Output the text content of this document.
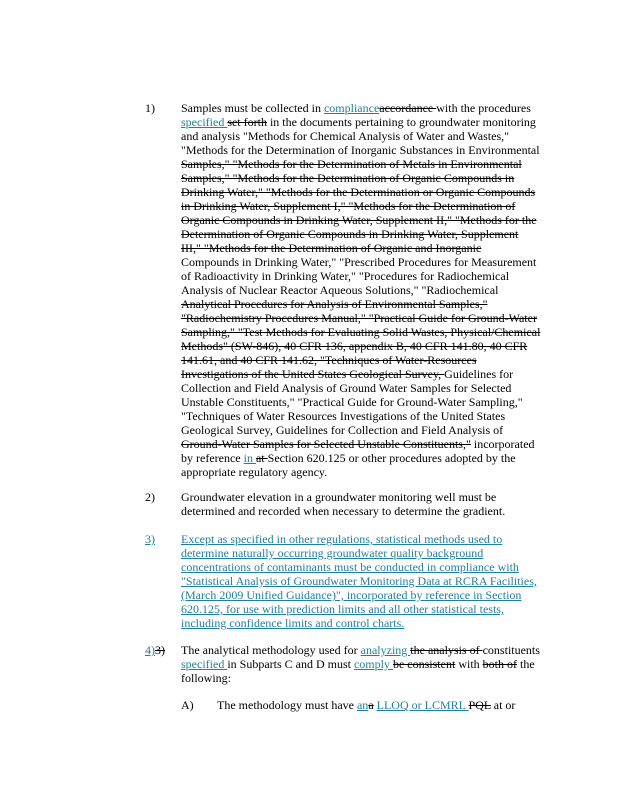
1)	Samples must be collected in complianceaccordance with the procedures specified set forth in the documents pertaining to groundwater monitoring and analysis "Methods for Chemical Analysis of Water and Wastes," "Methods for the Determination of Inorganic Substances in Environmental Samples," "Methods for the Determination of Metals in Environmental Samples," "Methods for the Determination of Organic Compounds in Drinking Water," "Methods for the Determination or Organic Compounds in Drinking Water, Supplement I," "Methods for the Determination of Organic Compounds in Drinking Water, Supplement II," "Methods for the Determination of Organic Compounds in Drinking Water, Supplement III," "Methods for the Determination of Organic and Inorganic Compounds in Drinking Water," "Prescribed Procedures for Measurement of Radioactivity in Drinking Water," "Procedures for Radiochemical Analysis of Nuclear Reactor Aqueous Solutions," "Radiochemical Analytical Procedures for Analysis of Environmental Samples," "Radiochemistry Procedures Manual," "Practical Guide for Ground-Water Sampling," "Test Methods for Evaluating Solid Wastes, Physical/Chemical Methods" (SW-846), 40 CFR 136, appendix B, 40 CFR 141.80, 40 CFR 141.61, and 40 CFR 141.62, "Techniques of Water-Resources Investigations of the United States Geological Survey, Guidelines for Collection and Field Analysis of Ground Water Samples for Selected Unstable Constituents," "Practical Guide for Ground-Water Sampling," "Techniques of Water Resources Investigations of the United States Geological Survey, Guidelines for Collection and Field Analysis of Ground-Water Samples for Selected Unstable Constituents," incorporated by reference in at Section 620.125 or other procedures adopted by the appropriate regulatory agency.
2)	Groundwater elevation in a groundwater monitoring well must be determined and recorded when necessary to determine the gradient.
3)	Except as specified in other regulations, statistical methods used to determine naturally occurring groundwater quality background concentrations of contaminants must be conducted in compliance with "Statistical Analysis of Groundwater Monitoring Data at RCRA Facilities, (March 2009 Unified Guidance)", incorporated by reference in Section 620.125, for use with prediction limits and all other statistical tests, including confidence limits and control charts.
4)3)	The analytical methodology used for analyzing the analysis of constituents specified in Subparts C and D must comply be consistent with both of the following:
A)	The methodology must have ana LLOQ or LCMRL PQL at or
